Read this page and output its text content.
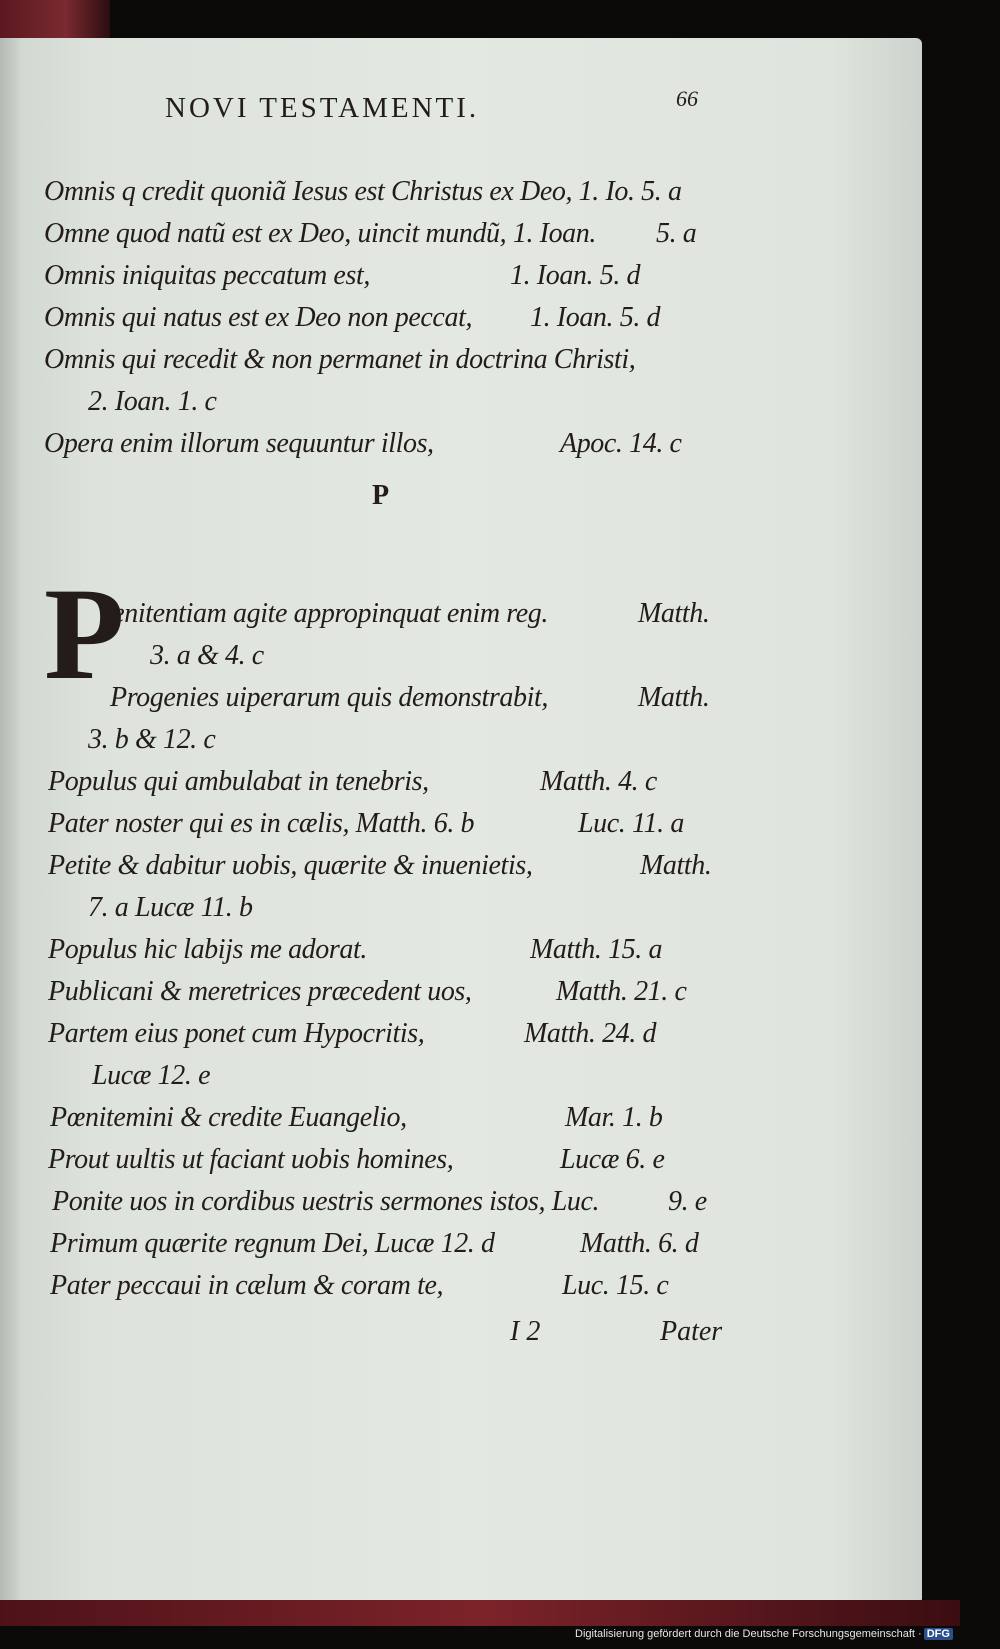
NOVI TESTAMENTI.	66
Omnis q credit quoniã Iesus est Christus ex Deo, 1. Io. 5. a
Omne quod natũ est ex Deo, uincit mundũ, 1. Ioan. 5. a
Omnis iniquitas peccatum est,	1. Ioan. 5. d
Omnis qui natus est ex Deo non peccat, 1. Ioan. 5. d
Omnis qui recedit & non permanet in doctrina Christi,
2. Ioan. 1. c
Opera enim illorum sequuntur illos,	Apoc. 14. c
P
P
œnitentiam agite appropinquat enim reg.	Matth.
3. a & 4. c
Progenies uiperarum quis demonstrabit,	Matth.
3. b & 12. c
Populus qui ambulabat in tenebris,	Matth. 4. c
Pater noster qui es in cælis, Matth. 6. b	Luc. 11. a
Petite & dabitur uobis, quærite & inuenietis,	Matth.
7. a Lucæ 11. b
Populus hic labijs me adorat.	Matth. 15. a
Publicani & meretrices præcedent uos,	Matth. 21. c
Partem eius ponet cum Hypocritis,	Matth. 24. d
Lucæ 12. e
Pœnitemini & credite Euangelio,	Mar. 1. b
Prout uultis ut faciant uobis homines,	Lucæ 6. e
Ponite uos in cordibus uestris sermones istos, Luc. 9. e
Primum quærite regnum Dei, Lucæ 12. d	Matth. 6. d
Pater peccaui in cælum & coram te,	Luc. 15. c
I 2	Pater
Digitalisierung gefördert durch die Deutsche Forschungsgemeinschaft · DFG
